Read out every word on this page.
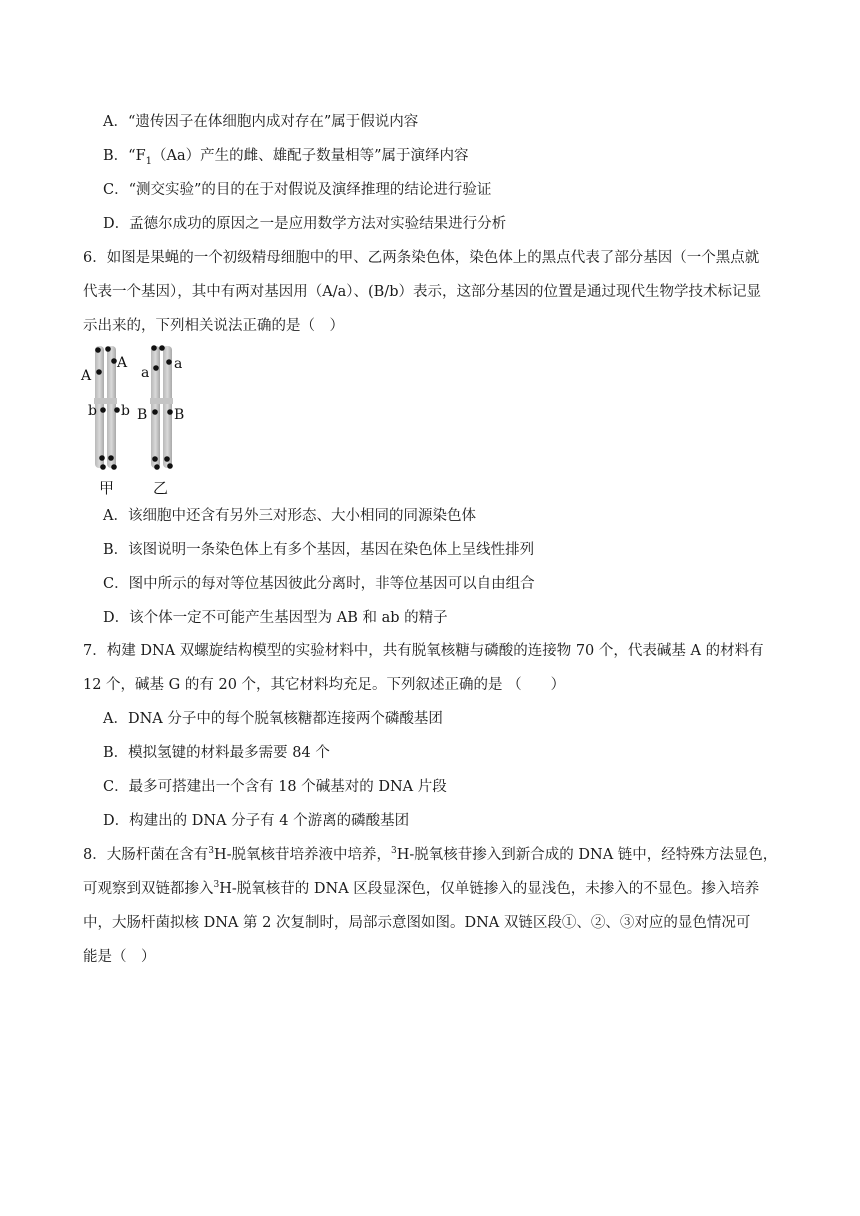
A．“遗传因子在体细胞内成对存在”属于假说内容
B．“$F_1(Aa)$产生的雌、雄配子数量相等”属于演绎内容
C．“测交实验”的目的在于对假说及演绎推理的结论进行验证
D．孟德尔成功的原因之一是应用数学方法对实验结果进行分析
6．如图是果蝇的一个初级精母细胞中的甲、乙两条染色体，染色体上的黑点代表了部分基因（一个黑点就
代表一个基因），其中有两对基因用（A/a）、(B/b）表示，这部分基因的位置是通过现代生物学技术标记显
示出来的，下列相关说法正确的是（　）
A
A
b b
a
a
B B
甲	乙
A．该细胞中还含有另外三对形态、大小相同的同源染色体
B．该图说明一条染色体上有多个基因，基因在染色体上呈线性排列
C．图中所示的每对等位基因彼此分离时，非等位基因可以自由组合
D．该个体一定不可能产生基因型为 AB 和 ab 的精子
7．构建 DNA 双螺旋结构模型的实验材料中，共有脱氧核糖与磷酸的连接物 70 个，代表碱基 A 的材料有
12 个，碱基 G 的有 20 个，其它材料均充足。下列叙述正确的是 （　　）
A．DNA 分子中的每个脱氧核糖都连接两个磷酸基团
B．模拟氢键的材料最多需要 84 个
C．最多可搭建出一个含有 18 个碱基对的 DNA 片段
D．构建出的 DNA 分子有 4 个游离的磷酸基团
8．大肠杆菌在含有$^3$H-脱氧核苷培养液中培养，$^3$H-脱氧核苷掺入到新合成的 DNA 链中，经特殊方法显色，
可观察到双链都掺入$^3$H-脱氧核苷的 DNA 区段显深色，仅单链掺入的显浅色，未掺入的不显色。掺入培养
中，大肠杆菌拟核 DNA 第 2 次复制时，局部示意图如图。DNA 双链区段①、②、③对应的显色情况可
能是（　）
